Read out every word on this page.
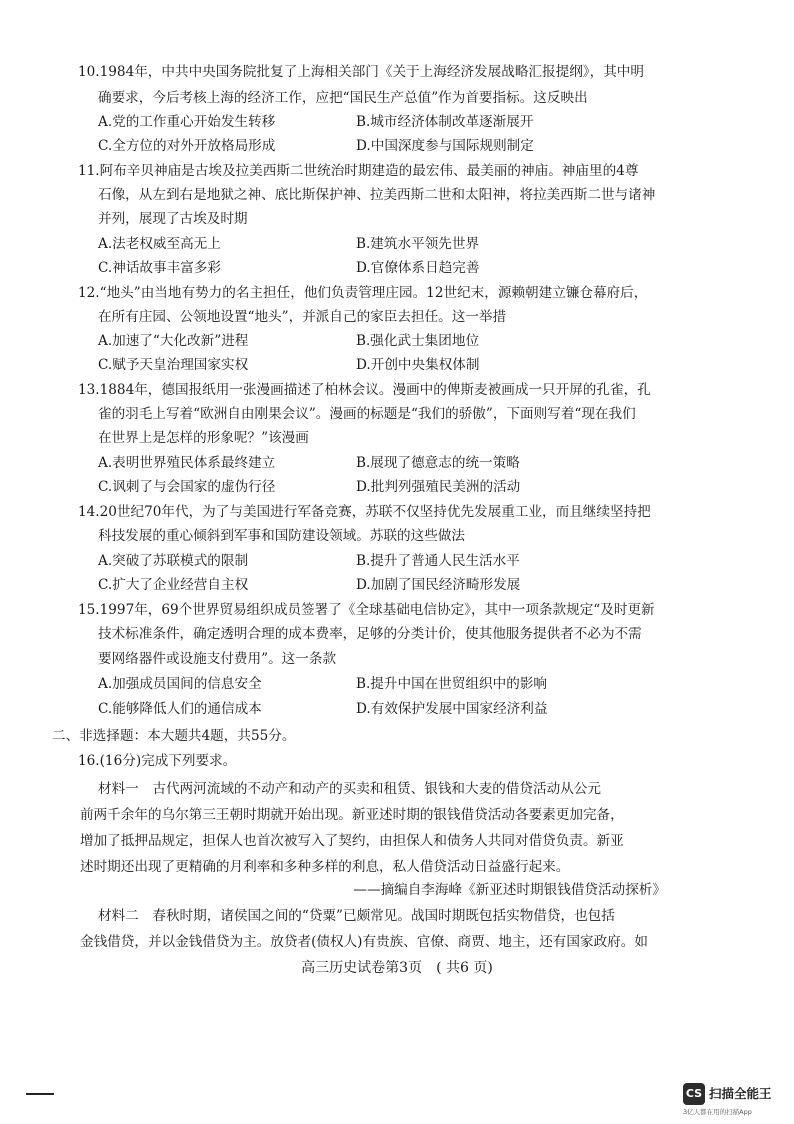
10.1984年，中共中央国务院批复了上海相关部门《关于上海经济发展战略汇报提纲》，其中明
确要求，今后考核上海的经济工作，应把“国民生产总值”作为首要指标。这反映出
A.党的工作重心开始发生转移	B.城市经济体制改革逐渐展开
C.全方位的对外开放格局形成	D.中国深度参与国际规则制定
11.阿布辛贝神庙是古埃及拉美西斯二世统治时期建造的最宏伟、最美丽的神庙。神庙里的4尊
石像，从左到右是地狱之神、底比斯保护神、拉美西斯二世和太阳神，将拉美西斯二世与诸神
并列，展现了古埃及时期
A.法老权威至高无上	B.建筑水平领先世界
C.神话故事丰富多彩	D.官僚体系日趋完善
12.“地头”由当地有势力的名主担任，他们负责管理庄园。12世纪末，源赖朝建立镰仓幕府后，
在所有庄园、公领地设置“地头”，并派自己的家臣去担任。这一举措
A.加速了“大化改新”进程	B.强化武士集团地位
C.赋予天皇治理国家实权	D.开创中央集权体制
13.1884年，德国报纸用一张漫画描述了柏林会议。漫画中的俾斯麦被画成一只开屏的孔雀，孔
雀的羽毛上写着“欧洲自由刚果会议”。漫画的标题是“我们的骄傲”，下面则写着“现在我们
在世界上是怎样的形象呢？”该漫画
A.表明世界殖民体系最终建立	B.展现了德意志的统一策略
C.讽刺了与会国家的虚伪行径	D.批判列强殖民美洲的活动
14.20世纪70年代，为了与美国进行军备竞赛，苏联不仅坚持优先发展重工业，而且继续坚持把
科技发展的重心倾斜到军事和国防建设领域。苏联的这些做法
A.突破了苏联模式的限制	B.提升了普通人民生活水平
C.扩大了企业经营自主权	D.加剧了国民经济畸形发展
15.1997年，69个世界贸易组织成员签署了《全球基础电信协定》，其中一项条款规定“及时更新
技术标准条件，确定透明合理的成本费率，足够的分类计价，使其他服务提供者不必为不需
要网络器件或设施支付费用”。这一条款
A.加强成员国间的信息安全	B.提升中国在世贸组织中的影响
C.能够降低人们的通信成本	D.有效保护发展中国家经济利益
二、非选择题：本大题共4题，共55分。
16.(16分)完成下列要求。
材料一　古代两河流域的不动产和动产的买卖和租赁、银钱和大麦的借贷活动从公元
前两千余年的乌尔第三王朝时期就开始出现。新亚述时期的银钱借贷活动各要素更加完备，
增加了抵押品规定，担保人也首次被写入了契约，由担保人和债务人共同对借贷负责。新亚
述时期还出现了更精确的月利率和多种多样的利息，私人借贷活动日益盛行起来。
——摘编自李海峰《新亚述时期银钱借贷活动探析》
材料二　春秋时期，诸侯国之间的“贷粟”已颇常见。战国时期既包括实物借贷，也包括
金钱借贷，并以金钱借贷为主。放贷者(债权人)有贵族、官僚、商贾、地主，还有国家政府。如
高三历史试卷第3页　( 共6 页)
CS 扫描全能王
3亿人都在用的扫描App
